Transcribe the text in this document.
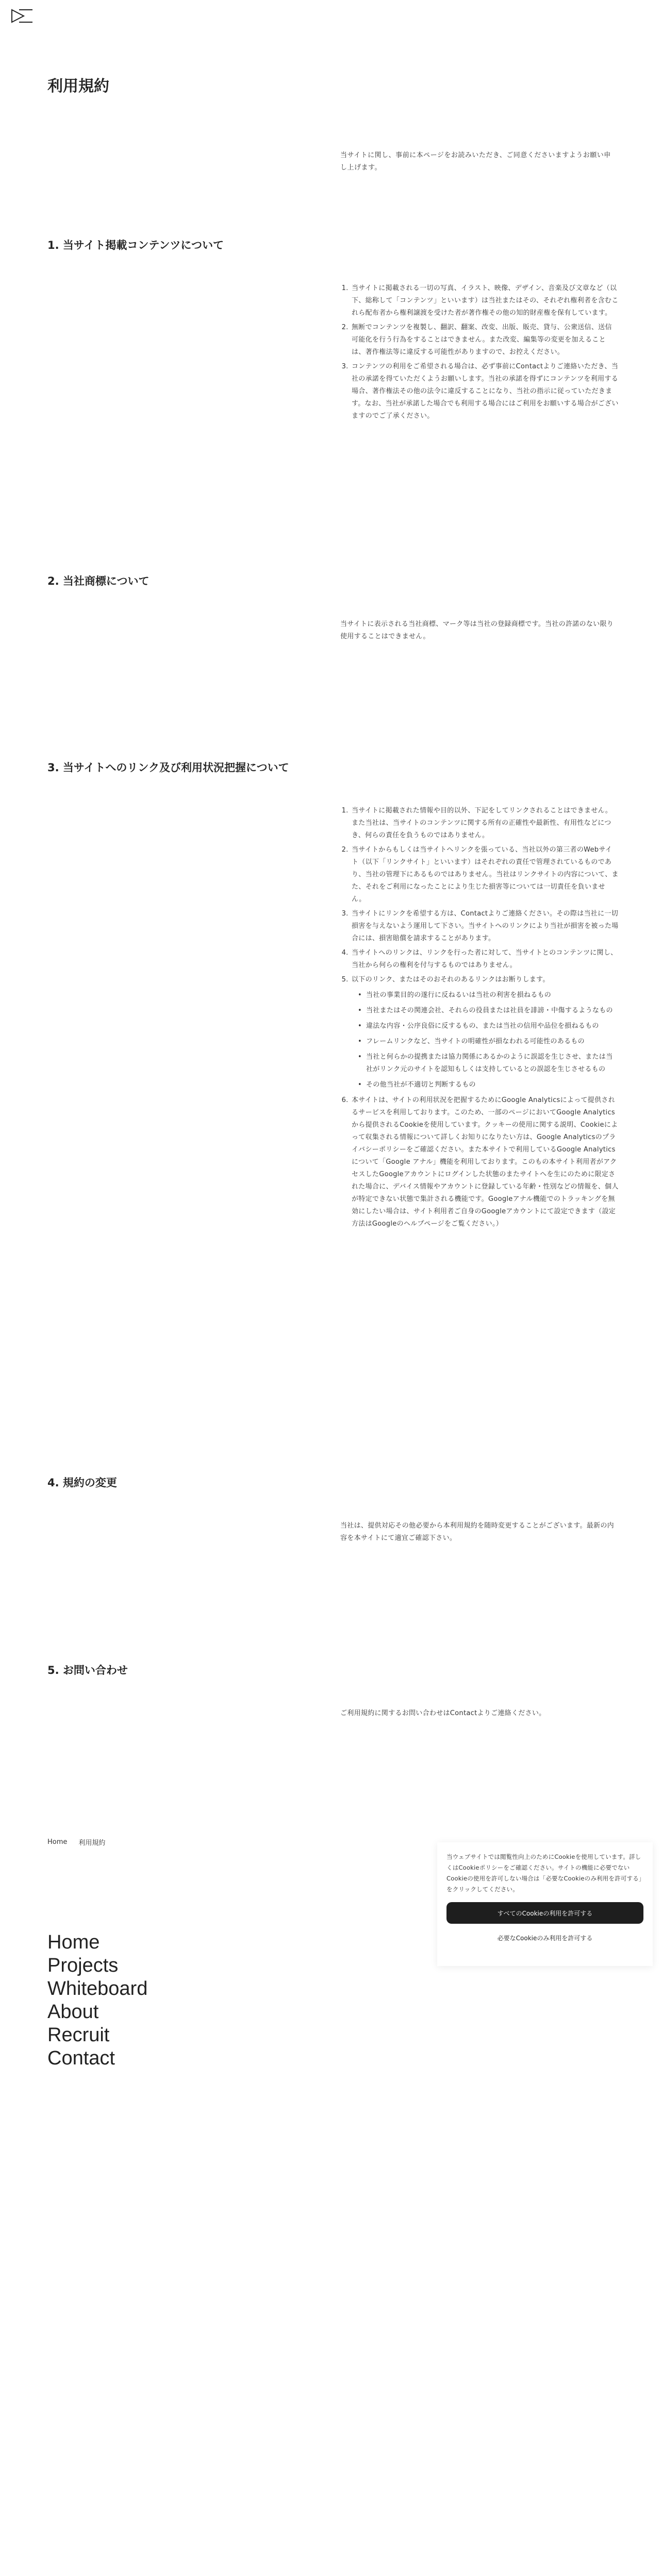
利用規約

当サイトに関し、事前に本ページをお読みいただき、ご同意くださいますようお願い申し上げます。

1. 当サイト掲載コンテンツについて
1. 当サイトに掲載される一切の写真、イラスト、映像、デザイン、音楽及び文章など（以下、総称して「コンテンツ」といいます）は当社またはその、それぞれ権利者を含むこれら配布者から権利譲渡を受けた者が著作権その他の知的財産権を保有しています。
2. 無断でコンテンツを複製し、翻訳、翻案、改変、出版、販売、貸与、公衆送信、送信可能化を行う行為をすることはできません。また改変、編集等の変更を加えることは、著作権法等に違反する可能性がありますので、お控えください。
3. コンテンツの利用をご希望される場合は、必ず事前にContactよりご連絡いただき、当社の承諾を得ていただくようお願いします。当社の承諾を得ずにコンテンツを利用する場合、著作権法その他の法令に違反することになり、当社の指示に従っていただきます。なお、当社が承諾した場合でも利用する場合にはご利用をお願いする場合がございますのでご了承ください。
2. 当社商標について

当サイトに表示される当社商標、マーク等は当社の登録商標です。当社の許諾のない限り使用することはできません。

3. 当サイトへのリンク及び利用状況把握について
1. 当サイトに掲載された情報や目的以外、下記をしてリンクされることはできません。また当社は、当サイトのコンテンツに関する所有の正確性や最新性、有用性などにつき、何らの責任を負うものではありません。
2. 当サイトからもしくは当サイトへリンクを張っている、当社以外の第三者のWebサイト（以下「リンクサイト」といいます）はそれぞれの責任で管理されているものであり、当社の管理下にあるものではありません。当社はリンクサイトの内容について、また、それをご利用になったことにより生じた損害等については一切責任を負いません。
3. 当サイトにリンクを希望する方は、Contactよりご連絡ください。その際は当社に一切損害を与えないよう運用して下さい。当サイトへのリンクにより当社が損害を被った場合には、損害賠償を請求することがあります。
4. 当サイトへのリンクは、リンクを行った者に対して、当サイトとのコンテンツに関し、当社から何らの権利を付与するものではありません。
5. 以下のリンク、またはそのおそれのあるリンクはお断りします。
• 当社の事業目的の遂行に反ねるいは当社の利害を損ねるもの
• 当社またはその関連会社、それらの役員または社員を誹謗・中傷するようなもの
• 違法な内容・公序良俗に反するもの、または当社の信用や品位を損ねるもの
• フレームリンクなど、当サイトの明確性が損なわれる可能性のあるもの
• 当社と何らかの提携または協力関係にあるかのように誤認を生じさせ、または当社がリンク元のサイトを認知もしくは支持しているとの誤認を生じさせるもの
• その他当社が不適切と判断するもの
6. 本サイトは、サイトの利用状況を把握するためにGoogle Analyticsによって提供されるサービスを利用しております。このため、一部のページにおいてGoogle Analyticsから提供されるCookieを使用しています。クッキーの使用に関する説明、Cookieによって収集される情報について詳しくお知りになりたい方は、Google Analyticsのプライバシーポリシーをご確認ください。また本サイトで利用しているGoogle Analyticsについて「Google アナル」機能を利用しております。このもの本サイト利用者がアクセスしたGoogleアカウントにログインした状態のまたサイトへを生にのために限定された場合に、デバイス情報やアカウントに登録している年齢・性別などの情報を、個人が特定できない状態で集計される機能です。Googleアナル機能でのトラッキングを無効にしたい場合は、サイト利用者ご自身のGoogleアカウントにて設定できます（設定方法はGoogleのヘルプページをご覧ください。）
4. 規約の変更

当社は、提供対応その他必要から本利用規約を随時変更することがございます。最新の内容を本サイトにて適宜ご確認下さい。

5. お問い合わせ

ご利用規約に関するお問い合わせはContactよりご連絡ください。

Home 利用規約
Home
Projects
Whiteboard
About
Recruit
Contact

当ウェブサイトでは閲覧性向上のためにCookieを使用しています。詳しくはCookieポリシーをご確認ください。サイトの機能に必要でないCookieの使用を許可しない場合は「必要なCookieのみ利用を許可する」をクリックしてください。

すべてのCookieの利用を許可する
必要なCookieのみ利用を許可する
